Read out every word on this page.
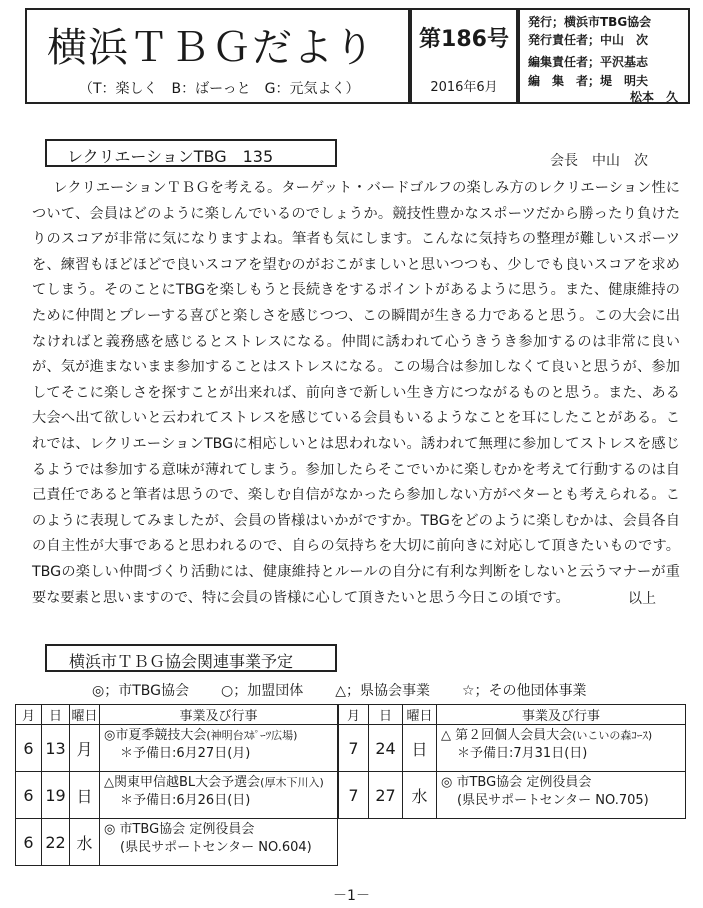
横浜ＴＢＧだより
（T：楽しく　B：ばーっと　G：元気よく）
第186号
2016年6月
発行；横浜市TBG協会
発行責任者；中山　次
編集責任者；平沢基志
編　集　者；堤　明夫
松本　久
レクリエーションTBG　135	会長　中山　次
レクリエーションＴＢＧを考える。ターゲット・バードゴルフの楽しみ方のレクリエーション性について、会員はどのように楽しんでいるのでしょうか。競技性豊かなスポーツだから勝ったり負けたりのスコアが非常に気になりますよね。筆者も気にします。こんなに気持ちの整理が難しいスポーツを、練習もほどほどで良いスコアを望むのがおこがましいと思いつつも、少しでも良いスコアを求めてしまう。そのことにTBGを楽しもうと長続きをするポイントがあるように思う。また、健康維持のために仲間とプレーする喜びと楽しさを感じつつ、この瞬間が生きる力であると思う。この大会に出なければと義務感を感じるとストレスになる。仲間に誘われて心うきうき参加するのは非常に良いが、気が進まないまま参加することはストレスになる。この場合は参加しなくて良いと思うが、参加してそこに楽しさを探すことが出来れば、前向きで新しい生き方につながるものと思う。また、ある大会へ出て欲しいと云われてストレスを感じている会員もいるようなことを耳にしたことがある。これでは、レクリエーションTBGに相応しいとは思われない。誘われて無理に参加してストレスを感じるようでは参加する意味が薄れてしまう。参加したらそこでいかに楽しむかを考えて行動するのは自己責任であると筆者は思うので、楽しむ自信がなかったら参加しない方がベターとも考えられる。このように表現してみましたが、会員の皆様はいかがですか。TBGをどのように楽しむかは、会員各自の自主性が大事であると思われるので、自らの気持ちを大切に前向きに対応して頂きたいものです。TBGの楽しい仲間づくり活動には、健康維持とルールの自分に有利な判断をしないと云うマナーが重要な要素と思いますので、特に会員の皆様に心して頂きたいと思う今日この頃です。	以上
横浜市ＴＢＧ協会関連事業予定
◎；市TBG協会 ○；加盟団体 △；県協会事業 ☆；その他団体事業
月	日	曜日	事業及び行事
6	13	月	◎市夏季競技大会(神明台ｽﾎﾟｰﾂ広場)
＊予備日:6月27日(月)
6	19	日	△関東甲信越BL大会予選会(厚木下川入)
＊予備日:6月26日(日)
6	22	水	◎ 市TBG協会 定例役員会
(県民サポートセンター NO.604)
月	日	曜日	事業及び行事
7	24	日	△ 第２回個人会員大会(いこいの森ｺｰｽ)
＊予備日:7月31日(日)
7	27	水	◎ 市TBG協会 定例役員会
(県民サポートセンター NO.705)
－1－
